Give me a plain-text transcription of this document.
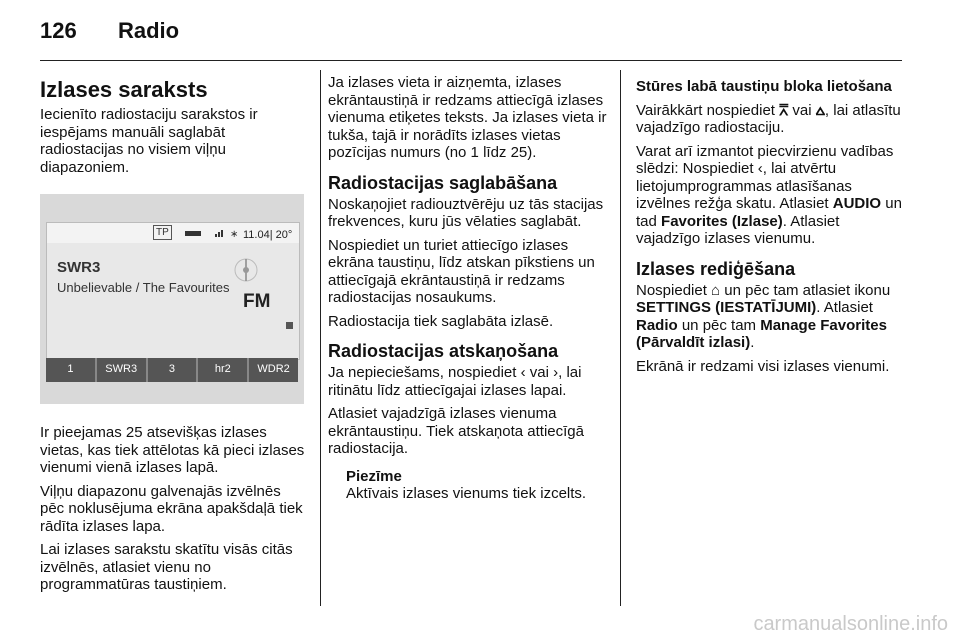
126 Radio
Izlases saraksts

Iecienīto radiostaciju sarakstos ir iespējams manuāli saglabāt radiostacijas no visiem viļņu diapazoniem.

TP	∗ 11.04| 20°
SWR3
Unbelievable / The Favourites
FM
1	SWR3	3	hr2	WDR2

Ir pieejamas 25 atsevišķas izlases vietas, kas tiek attēlotas kā pieci izlases vienumi vienā izlases lapā.

Viļņu diapazonu galvenajās izvēlnēs pēc noklusējuma ekrāna apakšdaļā tiek rādīta izlases lapa.

Lai izlases sarakstu skatītu visās citās izvēlnēs, atlasiet vienu no programmatūras taustiņiem.

Ja izlases vieta ir aizņemta, izlases ekrāntaustiņā ir redzams attiecīgā izlases vienuma etiķetes teksts. Ja izlases vieta ir tukša, tajā ir norādīts izlases vietas pozīcijas numurs (no 1 līdz 25).

Radiostacijas saglabāšana

Noskaņojiet radiouztvērēju uz tās stacijas frekvences, kuru jūs vēlaties saglabāt.

Nospiediet un turiet attiecīgo izlases ekrāna taustiņu, līdz atskan pīkstiens un attiecīgajā ekrāntaustiņā ir redzams radiostacijas nosaukums.

Radiostacija tiek saglabāta izlasē.

Radiostacijas atskaņošana

Ja nepieciešams, nospiediet ‹ vai ›, lai ritinātu līdz attiecīgajai izlases lapai.

Atlasiet vajadzīgā izlases vienuma ekrāntaustiņu. Tiek atskaņota attiecīgā radiostacija.

Piezīme
Aktīvais izlases vienums tiek izcelts.

Stūres labā taustiņu bloka lietošana

Vairākkārt nospiediet ⩞ vai ⩟, lai atlasītu vajadzīgo radiostaciju.

Varat arī izmantot piecvirzienu vadības slēdzi: Nospiediet ‹, lai atvērtu lietojumprogrammas atlasīšanas izvēlnes režģa skatu. Atlasiet AUDIO un tad Favorites (Izlase). Atlasiet vajadzīgo izlases vienumu.

Izlases rediģēšana

Nospiediet ⌂ un pēc tam atlasiet ikonu SETTINGS (IESTATĪJUMI). Atlasiet Radio un pēc tam Manage Favorites (Pārvaldīt izlasi).

Ekrānā ir redzami visi izlases vienumi.

carmanualsonline.info
